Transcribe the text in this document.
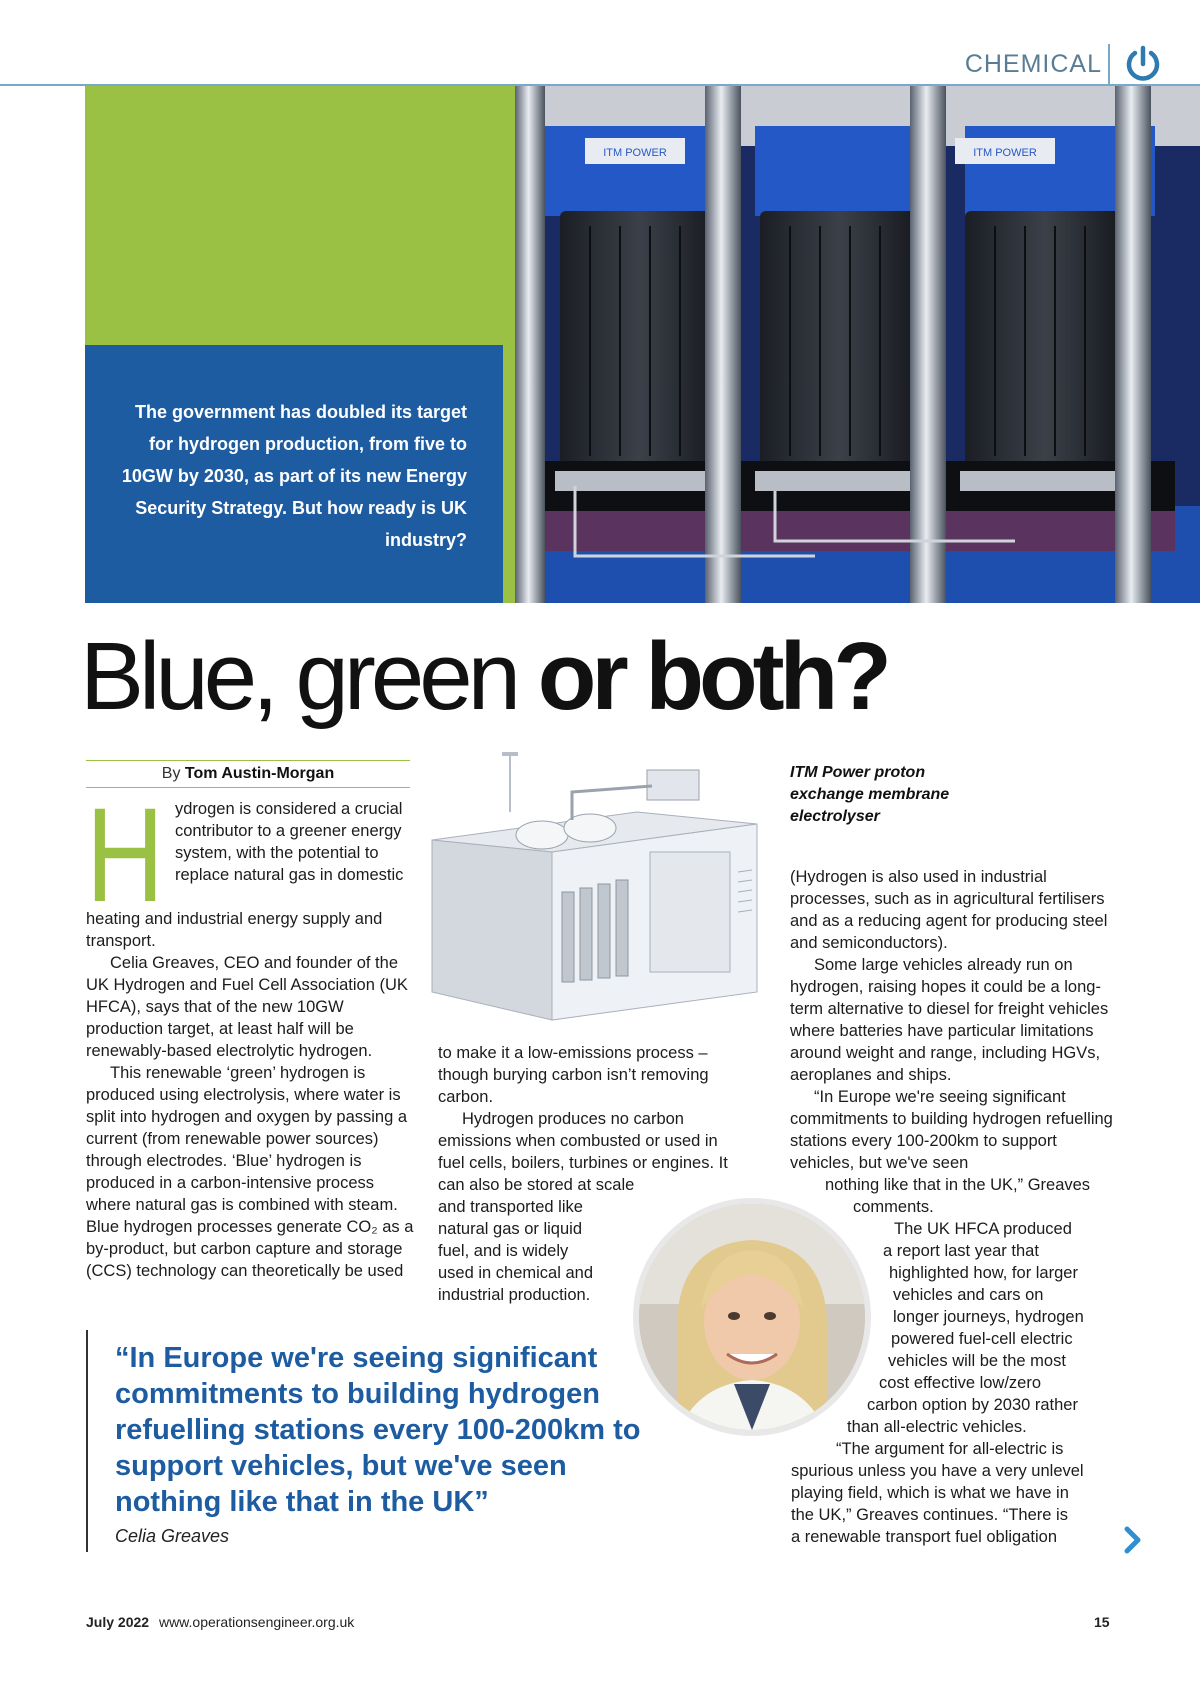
CHEMICAL
The government has doubled its target for hydrogen production, from five to 10GW by 2030, as part of its new Energy Security Strategy. But how ready is UK industry?
ITM POWER	ITM POWER
Blue, green or both?
By Tom Austin-Morgan
H ydrogen is considered a crucial contributor to a greener energy system, with the potential to replace natural gas in domestic

heating and industrial energy supply and transport.

Celia Greaves, CEO and founder of the UK Hydrogen and Fuel Cell Association (UK HFCA), says that of the new 10GW production target, at least half will be renewably-based electrolytic hydrogen.

This renewable ‘green’ hydrogen is produced using electrolysis, where water is split into hydrogen and oxygen by passing a current (from renewable power sources) through electrodes. ‘Blue’ hydrogen is produced in a carbon-intensive process where natural gas is combined with steam. Blue hydrogen processes generate CO₂ as a by-product, but carbon capture and storage (CCS) technology can theoretically be used

to make it a low-emissions process – though burying carbon isn’t removing carbon.

Hydrogen produces no carbon emissions when combusted or used in fuel cells, boilers, turbines or engines. It can also be stored at scale

and transported like

natural gas or liquid

fuel, and is widely

used in chemical and

industrial production.

ITM Power proton exchange membrane electrolyser

(Hydrogen is also used in industrial processes, such as in agricultural fertilisers and as a reducing agent for producing steel and semiconductors).

Some large vehicles already run on hydrogen, raising hopes it could be a long-term alternative to diesel for freight vehicles where batteries have particular limitations around weight and range, including HGVs, aeroplanes and ships.

“In Europe we're seeing significant commitments to building hydrogen refuelling stations every 100-200km to support vehicles, but we've seen

nothing like that in the UK,” Greaves
comments.
The UK HFCA produced
a report last year that
highlighted how, for larger
vehicles and cars on
longer journeys, hydrogen
powered fuel-cell electric
vehicles will be the most
cost effective low/zero
carbon option by 2030 rather
than all-electric vehicles.
“The argument for all-electric is
spurious unless you have a very unlevel
playing field, which is what we have in
the UK,” Greaves continues. “There is
a renewable transport fuel obligation
“In Europe we're seeing significant commitments to building hydrogen refuelling stations every 100-200km to support vehicles, but we've seen nothing like that in the UK”
Celia Greaves
July 2022 www.operationsengineer.org.uk	15
